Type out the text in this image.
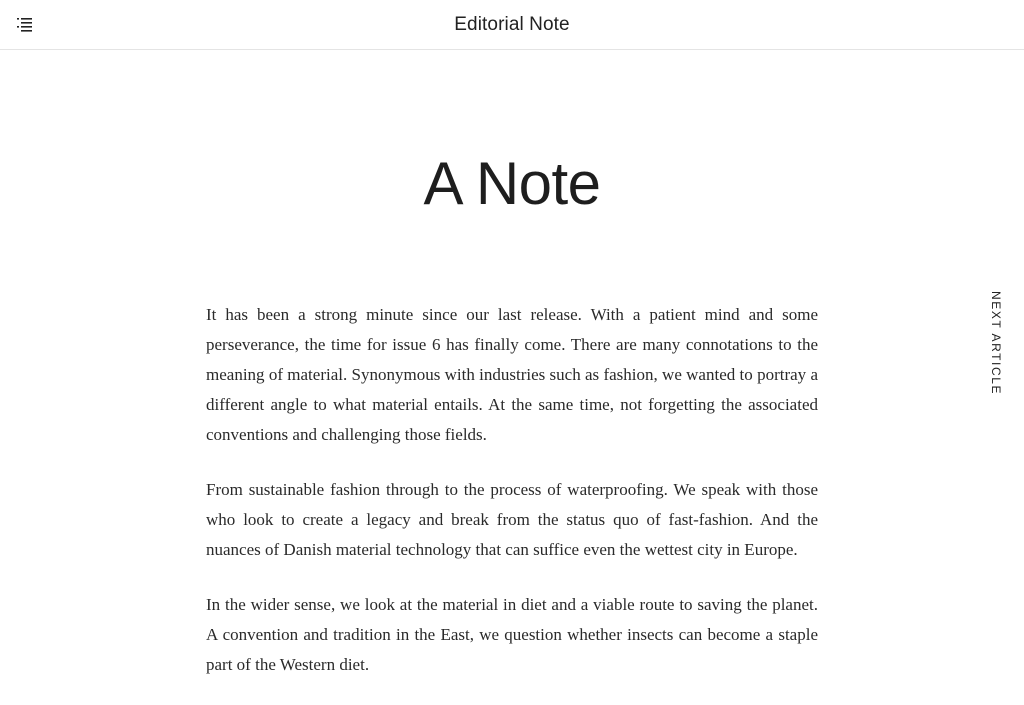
Editorial Note
A Note

It has been a strong minute since our last release. With a patient mind and some perseverance, the time for issue 6 has finally come. There are many connotations to the meaning of material. Synonymous with industries such as fashion, we wanted to portray a different angle to what material entails. At the same time, not forgetting the associated conventions and challenging those fields.

From sustainable fashion through to the process of waterproofing. We speak with those who look to create a legacy and break from the status quo of fast-fashion. And the nuances of Danish material technology that can suffice even the wettest city in Europe.

In the wider sense, we look at the material in diet and a viable route to saving the planet. A convention and tradition in the East, we question whether insects can become a staple part of the Western diet.

NEXT ARTICLE
